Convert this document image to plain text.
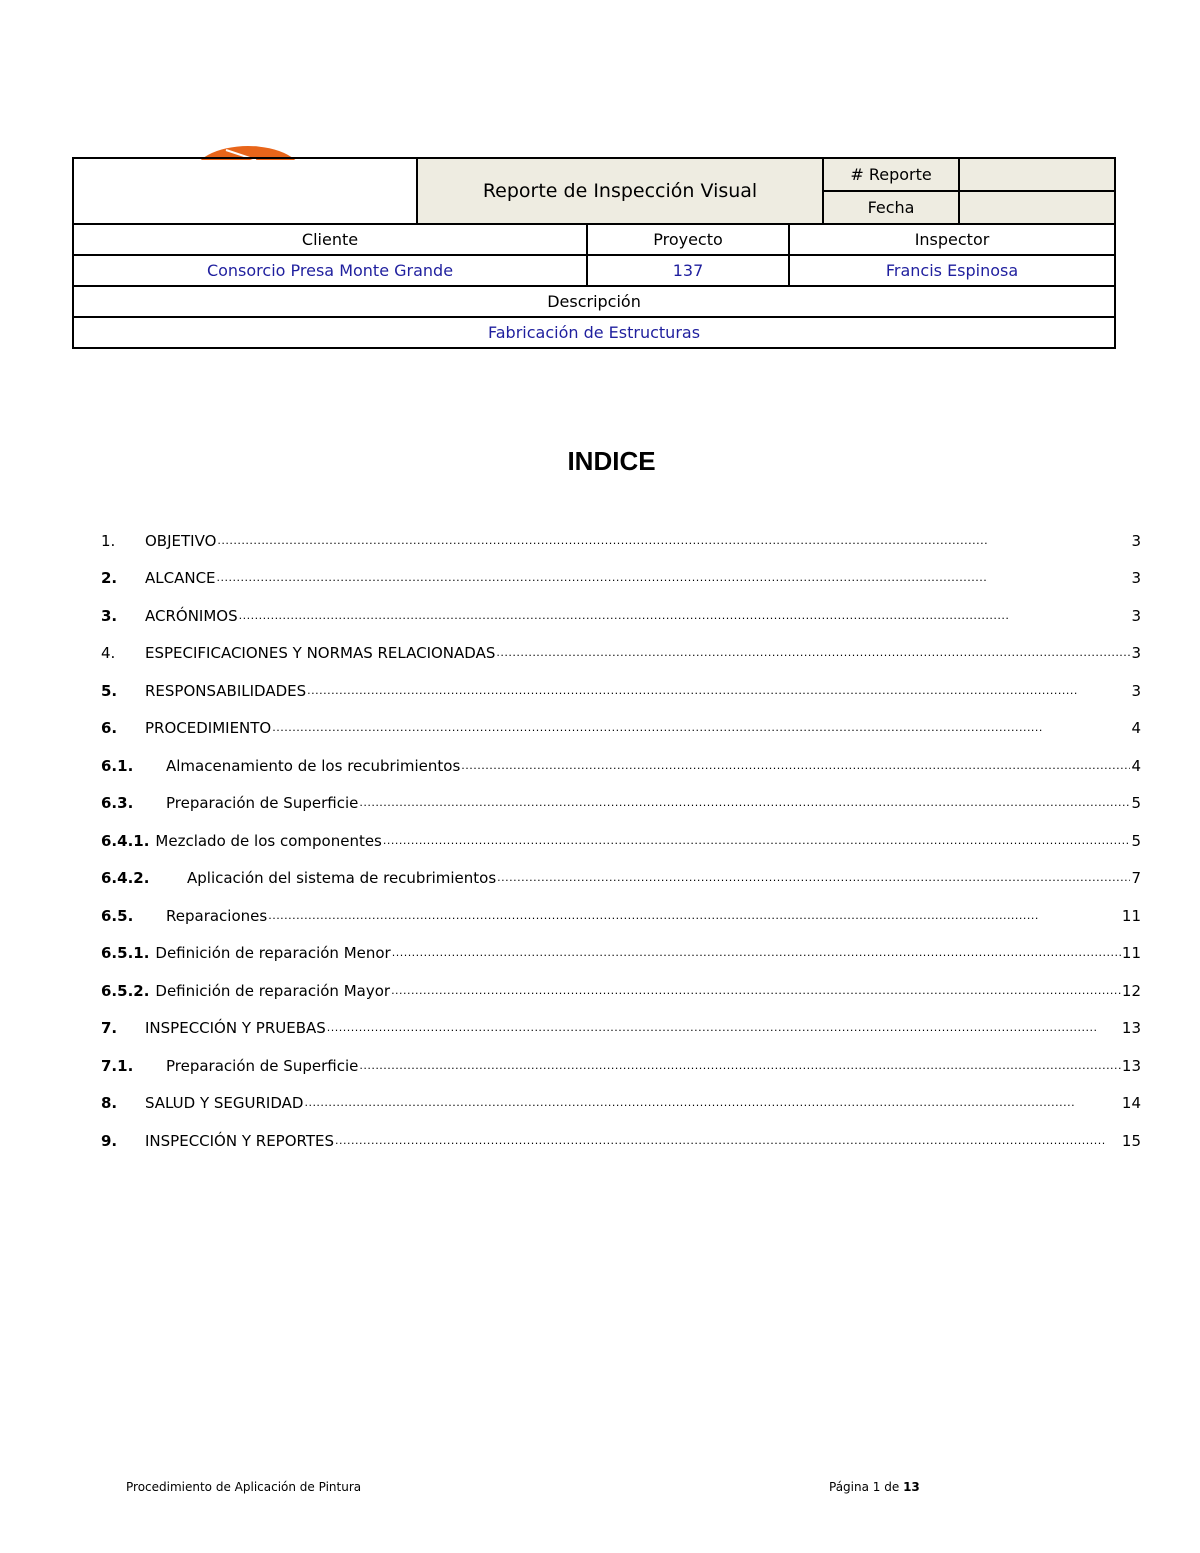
	Reporte de Inspección Visual			# Reporte	
				Fecha	
Cliente		Proyecto	Inspector		
Consorcio Presa Monte Grande		137	Francis Espinosa		
Descripción					
Fabricación de Estructuras					
INDICE
1.	OBJETIVO . . .	3
2.	ALCANCE . . .	3
3.	ACRÓNIMOS . . .	3
4.	ESPECIFICACIONES Y NORMAS RELACIONADAS . . .	3
5.	RESPONSABILIDADES . . .	3
6.	PROCEDIMIENTO . . .	4
6.1.	Almacenamiento de los recubrimientos . . .	4
6.3.	Preparación de Superficie . . .	5
6.4.1. Mezclado de los componentes . . .	5
6.4.2.	Aplicación del sistema de recubrimientos . . .	7
6.5.	Reparaciones . . .	11
6.5.1. Definición de reparación Menor . . .	11
6.5.2. Definición de reparación Mayor . . .	12
7.	INSPECCIÓN Y PRUEBAS . . .	13
7.1.	Preparación de Superficie . . .	13
8.	SALUD Y SEGURIDAD . . .	14
9.	INSPECCIÓN Y REPORTES . . .	15
Procedimiento de Aplicación de Pintura	Página 1 de 13
